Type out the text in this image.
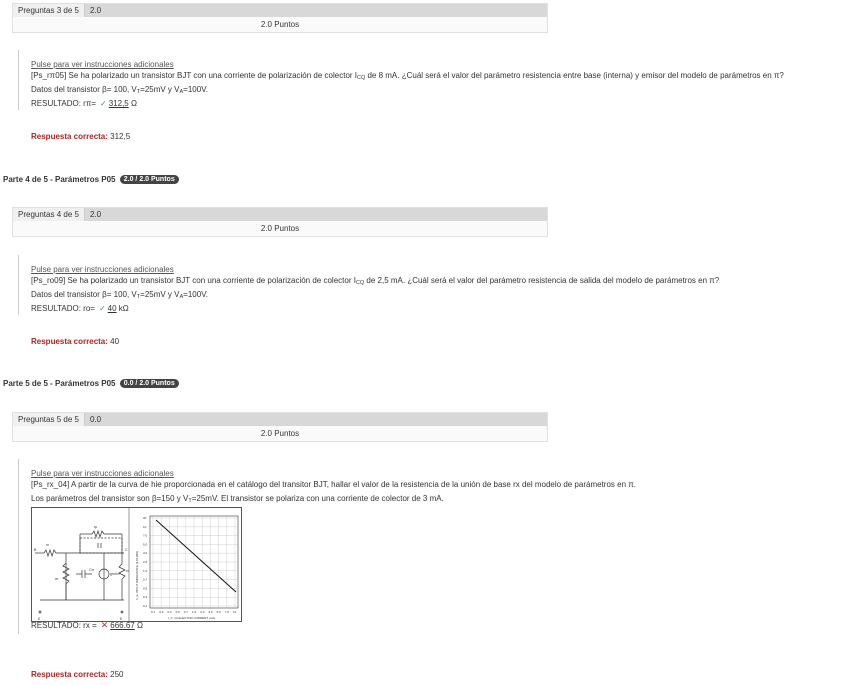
Preguntas 3 de 5	2.0
2.0 Puntos
Pulse para ver instrucciones adicionales
[Ps_rπ05] Se ha polarizado un transistor BJT con una corriente de polarización de colector $I_{CQ}$ de 8 mA. ¿Cuál será el valor del parámetro resistencia entre base (interna) y emisor del modelo de parámetros en π?
Datos del transistor β= 100, $V_T=25mV$ y $V_A=100V$.
RESULTADO: rπ= ✓ 312,5 Ω
Respuesta correcta: 312,5
Parte 4 de 5 - Parámetros P05 2.0 / 2.0 Puntos
Preguntas 4 de 5	2.0
2.0 Puntos
Pulse para ver instrucciones adicionales
[Ps_ro09] Se ha polarizado un transistor BJT con una corriente de polarización de colector $I_{CQ}$ de 2,5 mA. ¿Cuál será el valor del parámetro resistencia de salida del modelo de parámetros en π?
Datos del transistor β= 100, $V_T=25mV$ y $V_A=100V$.
RESULTADO: ro= ✓ 40 kΩ
Respuesta correcta: 40
Parte 5 de 5 - Parámetros P05 0.0 / 2.0 Puntos
Preguntas 5 de 5	0.0
2.0 Puntos
Pulse para ver instrucciones adicionales
[Ps_rx_04] A partir de la curva de hie proporcionada en el catálogo del transitor BJT, hallar el valor de la resistencia de la unión de base rx del modelo de parámetros en π.
Los parámetros del transistor son β=150 y $V_T=25mV$. El transistor se polariza con una corriente de colector de 3 mA.
B	C
rx
rμ
rπ
Cπ
gmVπ
ro
E	E
20
10
7.0
5.0
3.0
2.0
1.0
0.7
0.5
0.3
0.2
0.1 0.2 0.3 0.5 0.7 1.0 2.0 3.0 5.0 7.0 10
I_C, COLLECTOR CURRENT (mA)
h_ie, INPUT IMPEDANCE (k OHMS)
RESULTADO: rx = ✕ 666.67 Ω
Respuesta correcta: 250
